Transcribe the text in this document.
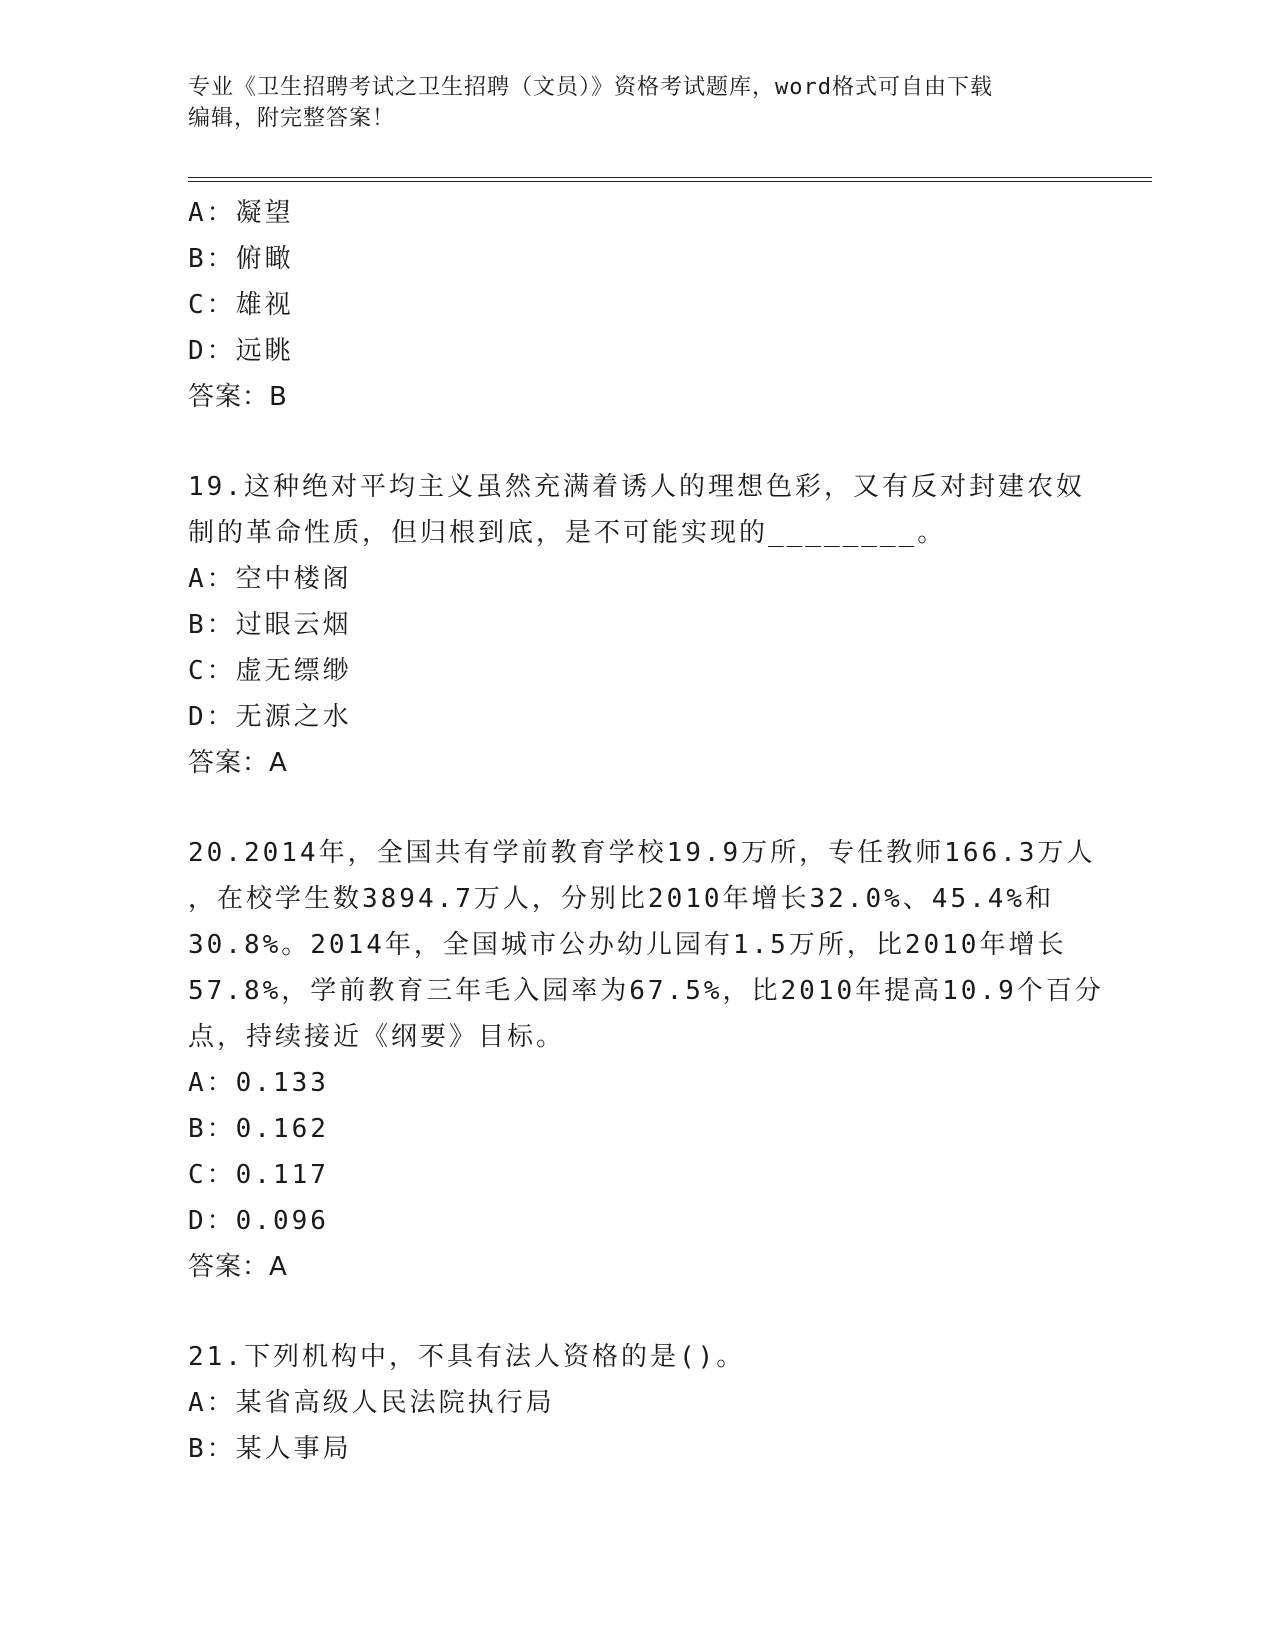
专业《卫生招聘考试之卫生招聘（文员）》资格考试题库，word格式可自由下载
编辑，附完整答案！
A：凝望
B：俯瞰
C：雄视
D：远眺
答案：B
19.这种绝对平均主义虽然充满着诱人的理想色彩，又有反对封建农奴
制的革命性质，但归根到底，是不可能实现的________。
A：空中楼阁
B：过眼云烟
C：虚无缥缈
D：无源之水
答案：A
20.2014年，全国共有学前教育学校19.9万所，专任教师166.3万人
，在校学生数3894.7万人，分别比2010年增长32.0%、45.4%和
30.8%。2014年，全国城市公办幼儿园有1.5万所，比2010年增长
57.8%，学前教育三年毛入园率为67.5%，比2010年提高10.9个百分
点，持续接近《纲要》目标。
A：0.133
B：0.162
C：0.117
D：0.096
答案：A
21.下列机构中，不具有法人资格的是()。
A：某省高级人民法院执行局
B：某人事局
